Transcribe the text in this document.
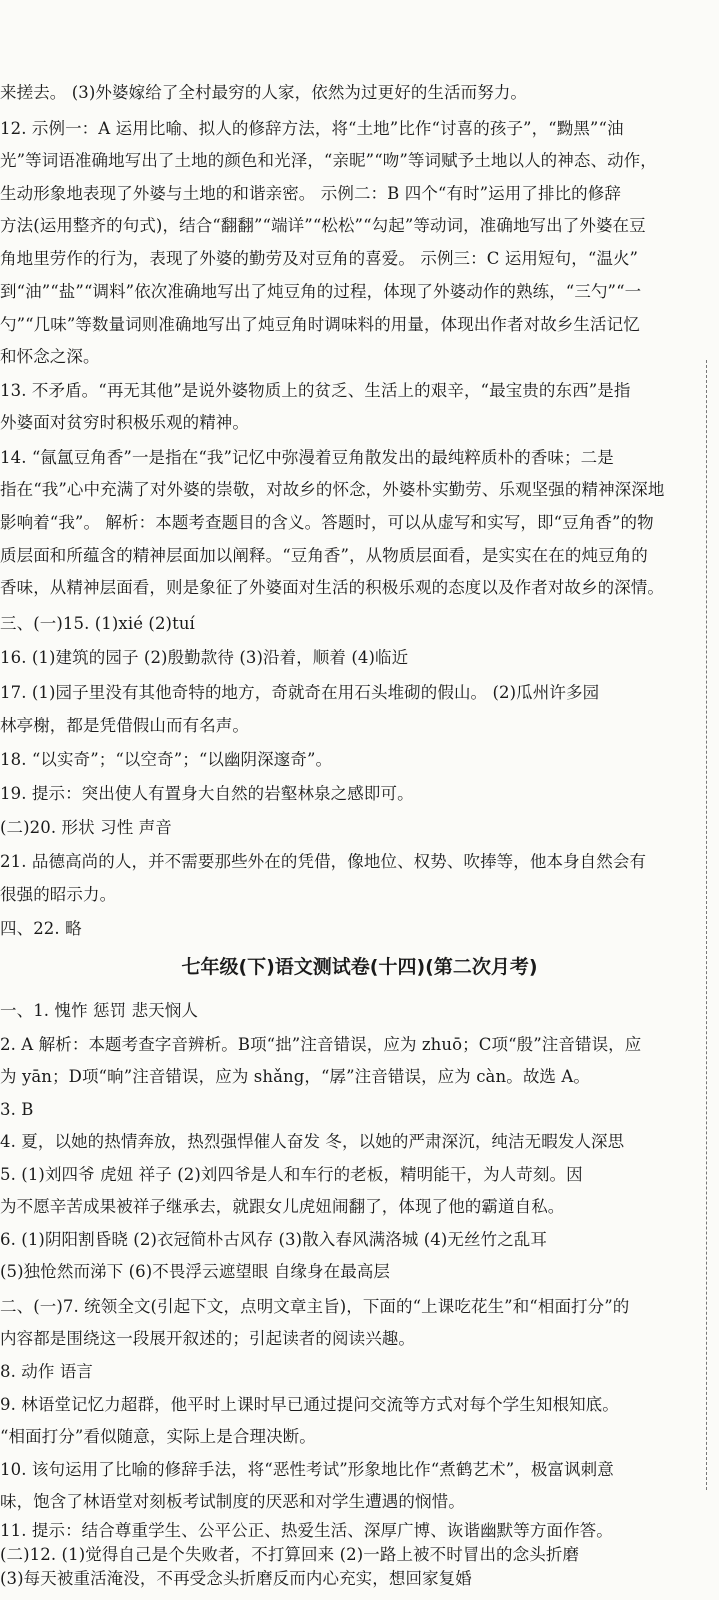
来搓去。 (3)外婆嫁给了全村最穷的人家，依然为过更好的生活而努力。
12. 示例一：A 运用比喻、拟人的修辞方法，将“土地”比作“讨喜的孩子”，“黝黑”“油
光”等词语准确地写出了土地的颜色和光泽，“亲昵”“吻”等词赋予土地以人的神态、动作，
生动形象地表现了外婆与土地的和谐亲密。 示例二：B 四个“有时”运用了排比的修辞
方法(运用整齐的句式)，结合“翻翻”“端详”“松松”“勾起”等动词，准确地写出了外婆在豆
角地里劳作的行为，表现了外婆的勤劳及对豆角的喜爱。 示例三：C 运用短句，“温火”
到“油”“盐”“调料”依次准确地写出了炖豆角的过程，体现了外婆动作的熟练，“三勺”“一
勺”“几味”等数量词则准确地写出了炖豆角时调味料的用量，体现出作者对故乡生活记忆
和怀念之深。
13. 不矛盾。“再无其他”是说外婆物质上的贫乏、生活上的艰辛，“最宝贵的东西”是指
外婆面对贫穷时积极乐观的精神。
14. “氤氲豆角香”一是指在“我”记忆中弥漫着豆角散发出的最纯粹质朴的香味；二是
指在“我”心中充满了对外婆的崇敬，对故乡的怀念，外婆朴实勤劳、乐观坚强的精神深深地
影响着“我”。 解析：本题考查题目的含义。答题时，可以从虚写和实写，即“豆角香”的物
质层面和所蕴含的精神层面加以阐释。“豆角香”，从物质层面看，是实实在在的炖豆角的
香味，从精神层面看，则是象征了外婆面对生活的积极乐观的态度以及作者对故乡的深情。
三、(一)15. (1)xié (2)tuí
16. (1)建筑的园子 (2)殷勤款待 (3)沿着，顺着 (4)临近
17. (1)园子里没有其他奇特的地方，奇就奇在用石头堆砌的假山。 (2)瓜州许多园
林亭榭，都是凭借假山而有名声。
18. “以实奇”；“以空奇”；“以幽阴深邃奇”。
19. 提示：突出使人有置身大自然的岩壑林泉之感即可。
(二)20. 形状 习性 声音
21. 品德高尚的人，并不需要那些外在的凭借，像地位、权势、吹捧等，他本身自然会有
很强的昭示力。
四、22. 略
七年级(下)语文测试卷(十四)(第二次月考)
一、1. 愧怍 惩罚 悲天悯人
2. A 解析：本题考查字音辨析。B项“拙”注音错误，应为 zhuō；C项“殷”注音错误，应
为 yān；D项“晌”注音错误，应为 shǎng，“孱”注音错误，应为 càn。故选 A。
3. B
4. 夏，以她的热情奔放，热烈强悍催人奋发 冬，以她的严肃深沉，纯洁无暇发人深思
5. (1)刘四爷 虎妞 祥子 (2)刘四爷是人和车行的老板，精明能干，为人苛刻。因
为不愿辛苦成果被祥子继承去，就跟女儿虎妞闹翻了，体现了他的霸道自私。
6. (1)阴阳割昏晓 (2)衣冠简朴古风存 (3)散入春风满洛城 (4)无丝竹之乱耳
(5)独怆然而涕下 (6)不畏浮云遮望眼 自缘身在最高层
二、(一)7. 统领全文(引起下文，点明文章主旨)，下面的“上课吃花生”和“相面打分”的
内容都是围绕这一段展开叙述的；引起读者的阅读兴趣。
8. 动作 语言
9. 林语堂记忆力超群，他平时上课时早已通过提问交流等方式对每个学生知根知底。
“相面打分”看似随意，实际上是合理决断。
10. 该句运用了比喻的修辞手法，将“恶性考试”形象地比作“煮鹤艺术”，极富讽刺意
味，饱含了林语堂对刻板考试制度的厌恶和对学生遭遇的悯惜。
11. 提示：结合尊重学生、公平公正、热爱生活、深厚广博、诙谐幽默等方面作答。
(二)12. (1)觉得自己是个失败者，不打算回来 (2)一路上被不时冒出的念头折磨
(3)每天被重活淹没，不再受念头折磨反而内心充实，想回家复婚
